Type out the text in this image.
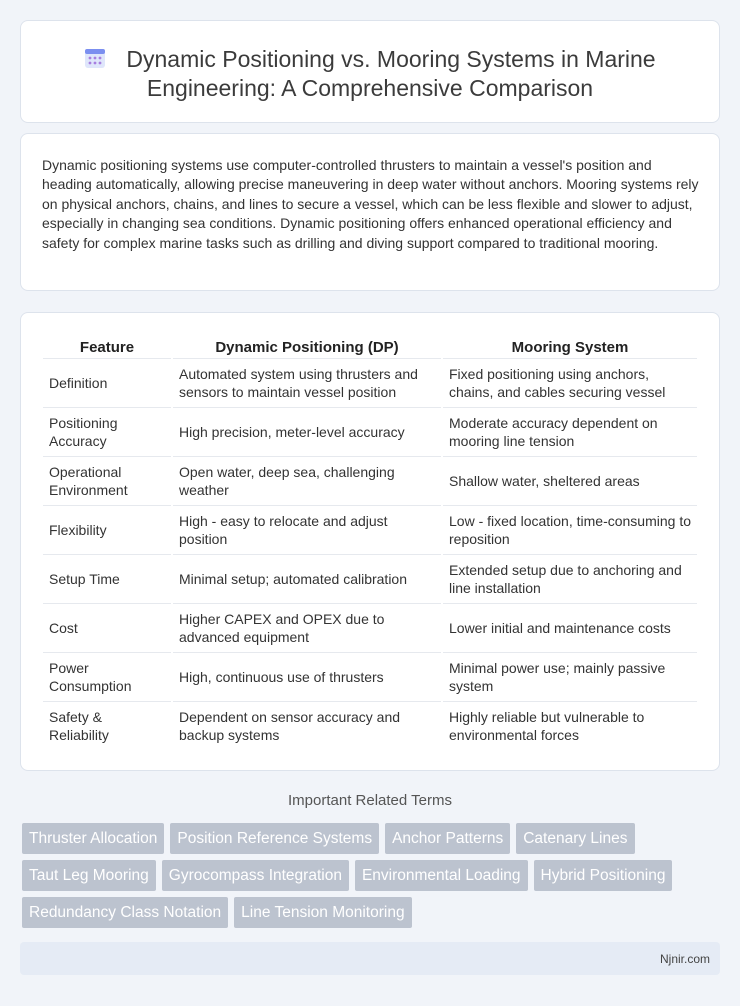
Dynamic Positioning vs. Mooring Systems in Marine
Engineering: A Comprehensive Comparison

Dynamic positioning systems use computer-controlled thrusters to maintain a vessel's position and heading automatically, allowing precise maneuvering in deep water without anchors. Mooring systems rely on physical anchors, chains, and lines to secure a vessel, which can be less flexible and slower to adjust, especially in changing sea conditions. Dynamic positioning offers enhanced operational efficiency and safety for complex marine tasks such as drilling and diving support compared to traditional mooring.

Feature	Dynamic Positioning (DP)	Mooring System
Definition	Automated system using thrusters and sensors to maintain vessel position	Fixed positioning using anchors, chains, and cables securing vessel
Positioning Accuracy	High precision, meter-level accuracy	Moderate accuracy dependent on mooring line tension
Operational Environment	Open water, deep sea, challenging weather	Shallow water, sheltered areas
Flexibility	High - easy to relocate and adjust position	Low - fixed location, time-consuming to reposition
Setup Time	Minimal setup; automated calibration	Extended setup due to anchoring and line installation
Cost	Higher CAPEX and OPEX due to advanced equipment	Lower initial and maintenance costs
Power Consumption	High, continuous use of thrusters	Minimal power use; mainly passive system
Safety & Reliability	Dependent on sensor accuracy and backup systems	Highly reliable but vulnerable to environmental forces
Important Related Terms
Thruster Allocation	Position Reference Systems	Anchor Patterns	Catenary Lines
Taut Leg Mooring	Gyrocompass Integration	Environmental Loading	Hybrid Positioning
Redundancy Class Notation	Line Tension Monitoring
Njnir.com
